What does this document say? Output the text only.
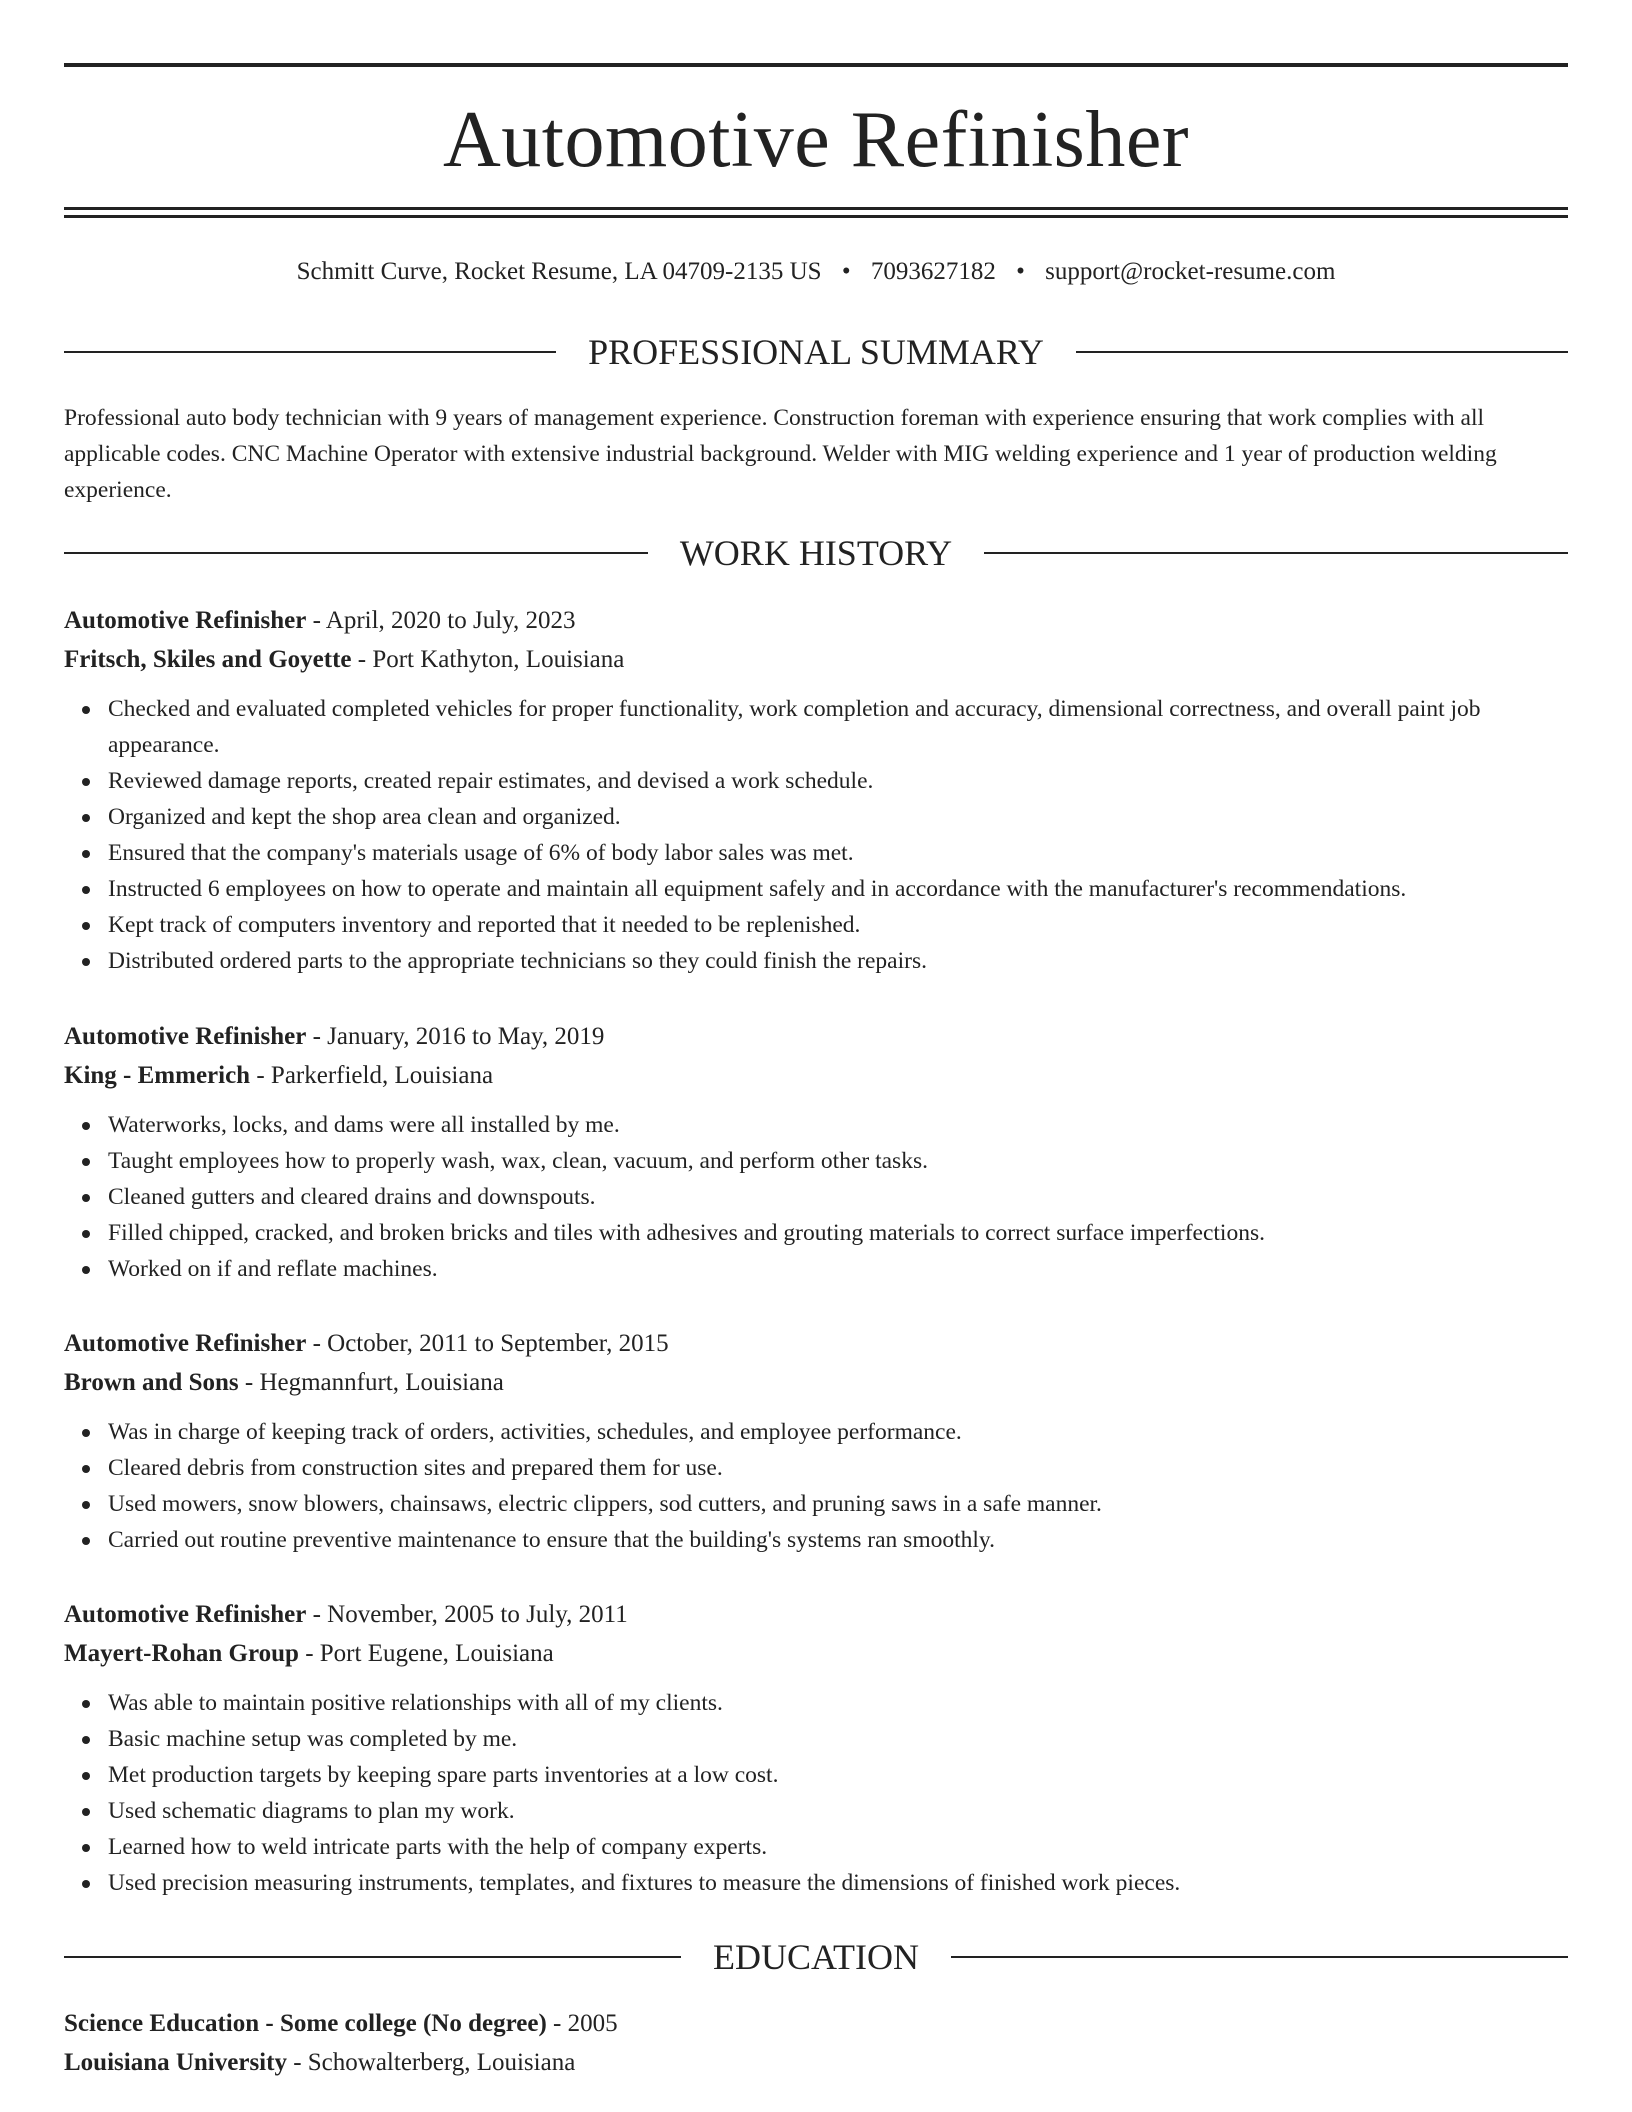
Automotive Refinisher
Schmitt Curve, Rocket Resume, LA 04709-2135 US • 7093627182 • support@rocket-resume.com
PROFESSIONAL SUMMARY

Professional auto body technician with 9 years of management experience. Construction foreman with experience ensuring that work complies with all applicable codes. CNC Machine Operator with extensive industrial background. Welder with MIG welding experience and 1 year of production welding experience.

WORK HISTORY
Automotive Refinisher - April, 2020 to July, 2023
Fritsch, Skiles and Goyette - Port Kathyton, Louisiana
Checked and evaluated completed vehicles for proper functionality, work completion and accuracy, dimensional correctness, and overall paint job appearance.
Reviewed damage reports, created repair estimates, and devised a work schedule.
Organized and kept the shop area clean and organized.
Ensured that the company's materials usage of 6% of body labor sales was met.
Instructed 6 employees on how to operate and maintain all equipment safely and in accordance with the manufacturer's recommendations.
Kept track of computers inventory and reported that it needed to be replenished.
Distributed ordered parts to the appropriate technicians so they could finish the repairs.
Automotive Refinisher - January, 2016 to May, 2019
King - Emmerich - Parkerfield, Louisiana
Waterworks, locks, and dams were all installed by me.
Taught employees how to properly wash, wax, clean, vacuum, and perform other tasks.
Cleaned gutters and cleared drains and downspouts.
Filled chipped, cracked, and broken bricks and tiles with adhesives and grouting materials to correct surface imperfections.
Worked on if and reflate machines.
Automotive Refinisher - October, 2011 to September, 2015
Brown and Sons - Hegmannfurt, Louisiana
Was in charge of keeping track of orders, activities, schedules, and employee performance.
Cleared debris from construction sites and prepared them for use.
Used mowers, snow blowers, chainsaws, electric clippers, sod cutters, and pruning saws in a safe manner.
Carried out routine preventive maintenance to ensure that the building's systems ran smoothly.
Automotive Refinisher - November, 2005 to July, 2011
Mayert-Rohan Group - Port Eugene, Louisiana
Was able to maintain positive relationships with all of my clients.
Basic machine setup was completed by me.
Met production targets by keeping spare parts inventories at a low cost.
Used schematic diagrams to plan my work.
Learned how to weld intricate parts with the help of company experts.
Used precision measuring instruments, templates, and fixtures to measure the dimensions of finished work pieces.
EDUCATION
Science Education - Some college (No degree) - 2005
Louisiana University - Schowalterberg, Louisiana
